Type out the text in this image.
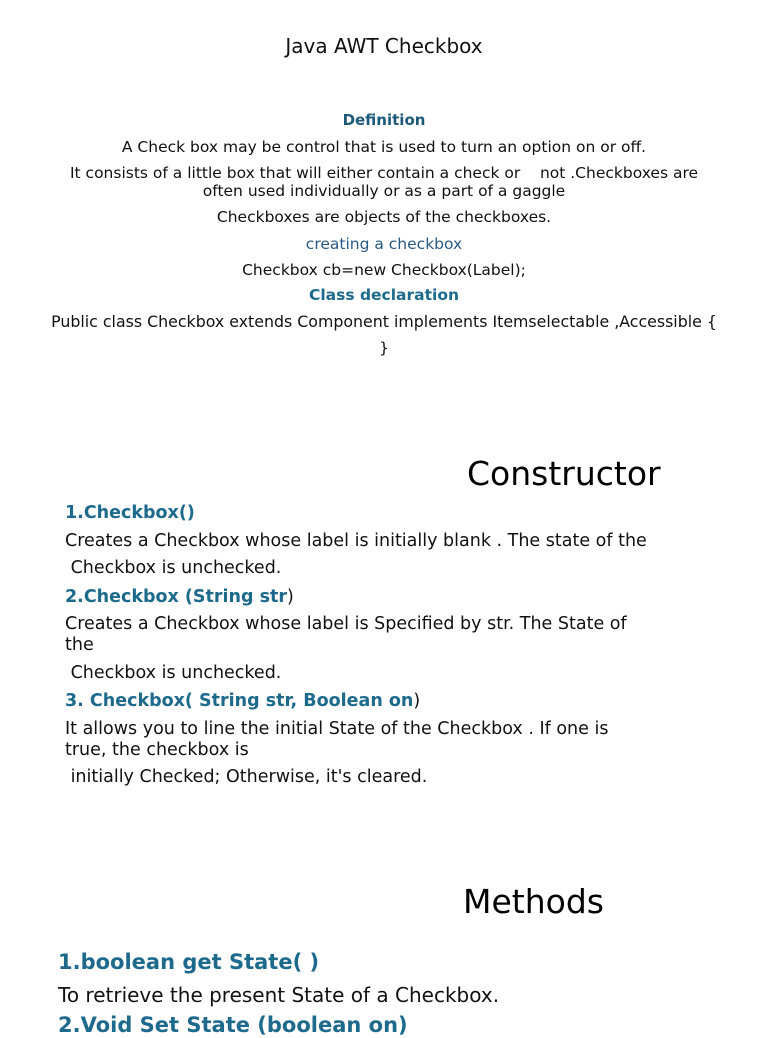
Java AWT Checkbox
Definition
A Check box may be control that is used to turn an option on or off.
It consists of a little box that will either contain a check or    not .Checkboxes are
often used individually or as a part of a gaggle
Checkboxes are objects of the checkboxes.
creating a checkbox
Checkbox cb=new Checkbox(Label);
Class declaration
Public class Checkbox extends Component implements Itemselectable ,Accessible {
}
Constructor
1.Checkbox()
Creates a Checkbox whose label is initially blank . The state of the
Checkbox is unchecked.
2.Checkbox (String str)
Creates a Checkbox whose label is Specified by str. The State of
the
Checkbox is unchecked.
3. Checkbox( String str, Boolean on)
It allows you to line the initial State of the Checkbox . If one is
true, the checkbox is
initially Checked; Otherwise, it's cleared.
Methods
1.boolean get State( )
To retrieve the present State of a Checkbox.
2.Void Set State (boolean on)
